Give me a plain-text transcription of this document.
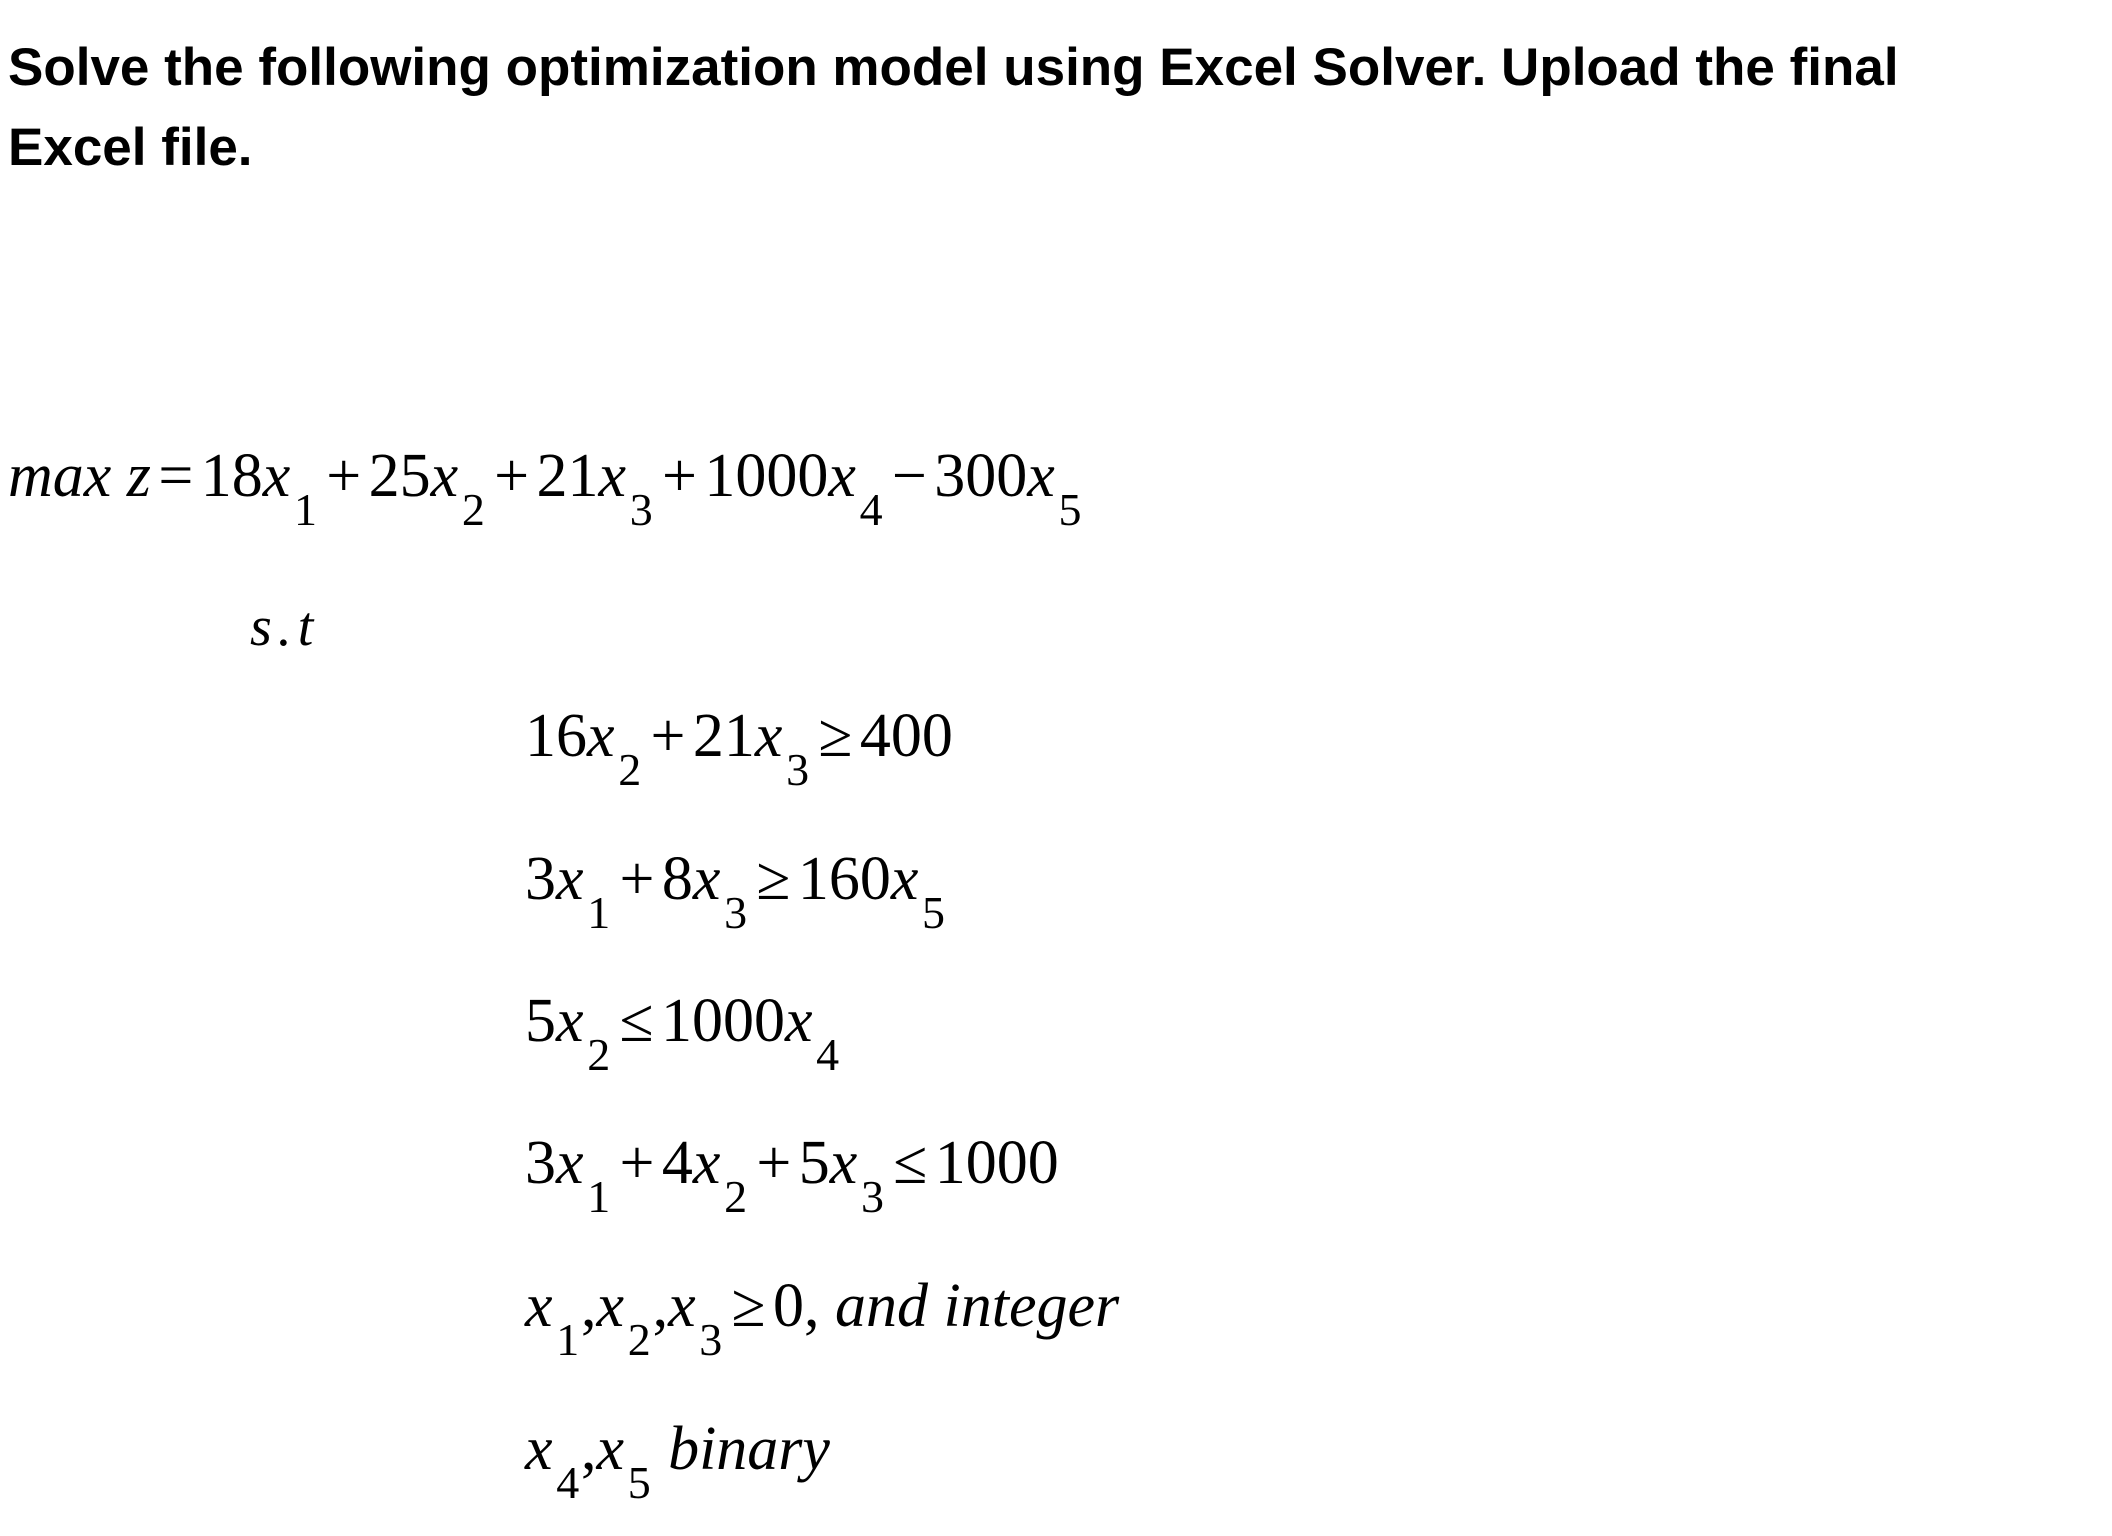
Solve the following optimization model using Excel Solver. Upload the final
Excel file.

max z = 18x1 + 25x2 + 21x3 + 1000x4 − 300x5
s.t
16x2 + 21x3 ≥ 400
3x1 + 8x3 ≥ 160x5
5x2 ≤ 1000x4
3x1 + 4x2 + 5x3 ≤ 1000
x1,x2,x3 ≥ 0, and integer
x4,x5 binary
